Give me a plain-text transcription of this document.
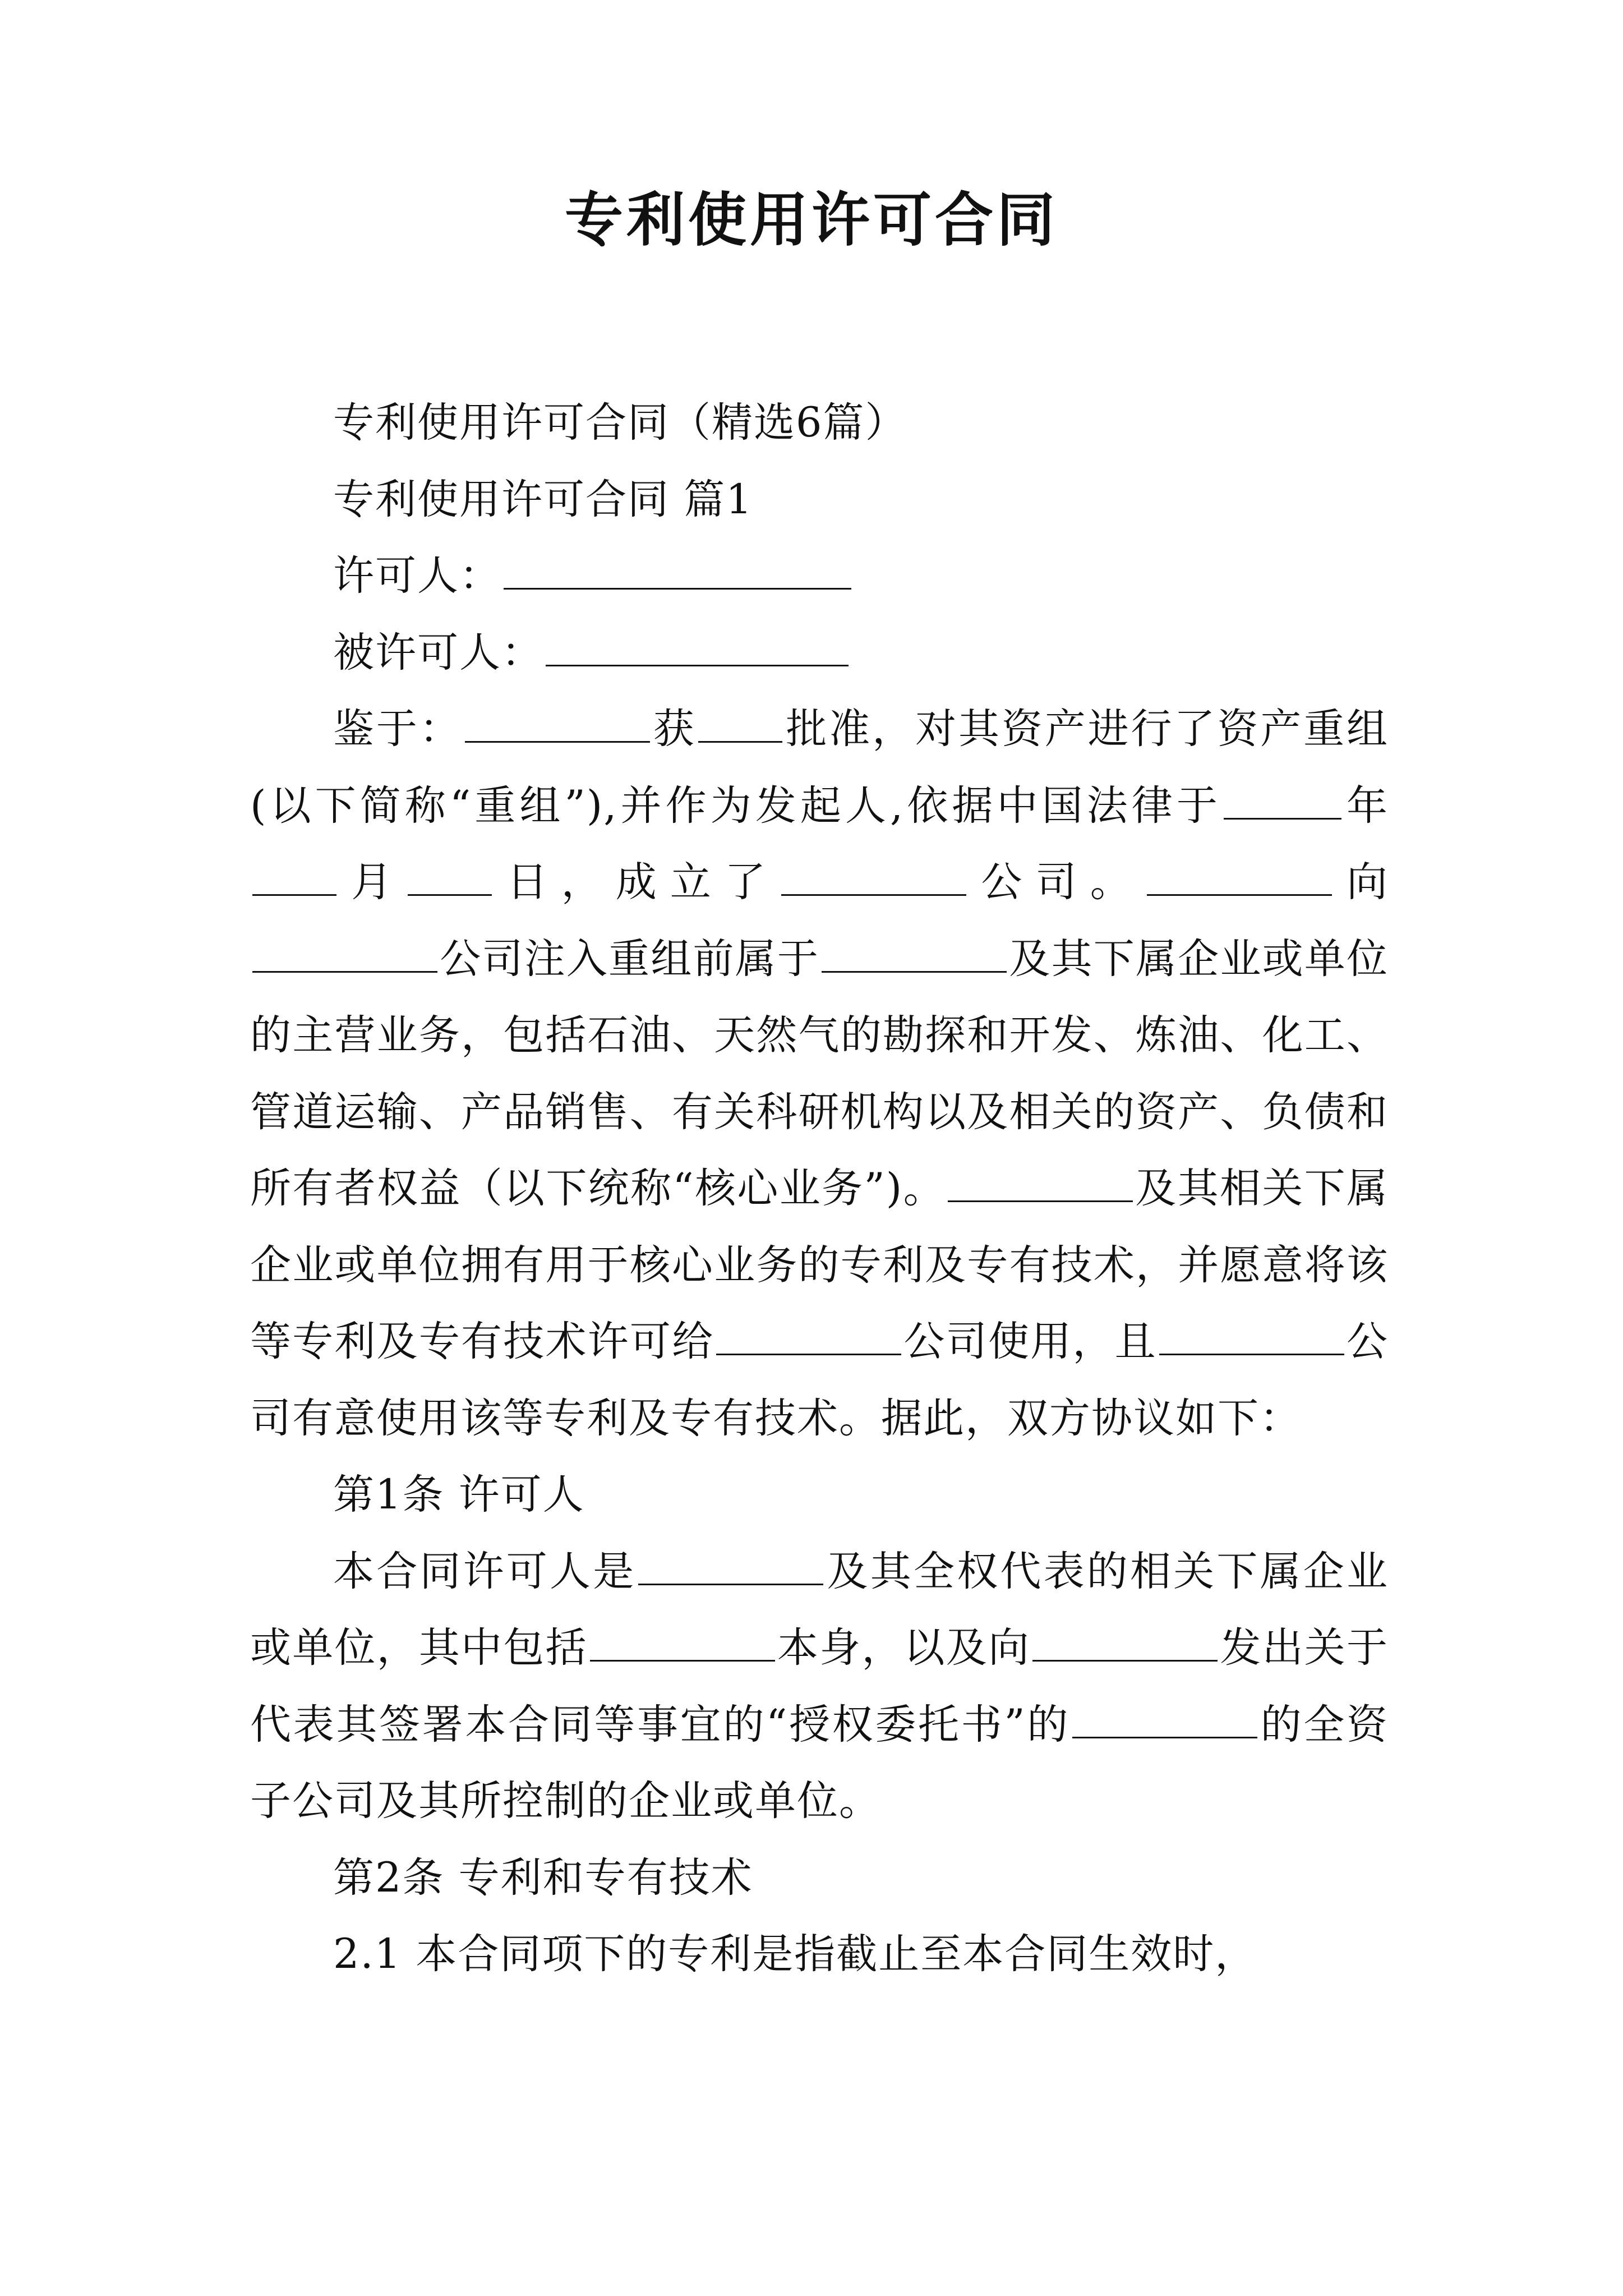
专利使用许可合同

专利使用许可合同（精选6篇）

专利使用许可合同 篇1

许可人：

被许可人：

鉴于：	获 批准，对其资产进行了资产重组(以下简称“重组”),并作为发起人,依据中国法律于	年月 日，成立了	公司。	向公司注入重组前属于	及其下属企业或单位的主营业务，包括石油、天然气的勘探和开发、炼油、化工、管道运输、产品销售、有关科研机构以及相关的资产、负债和所有者权益（以下统称“核心业务”)。	及其相关下属企业或单位拥有用于核心业务的专利及专有技术，并愿意将该等专利及专有技术许可给	公司使用，且	公司有意使用该等专利及专有技术。据此，双方协议如下：

第1条 许可人

本合同许可人是	及其全权代表的相关下属企业或单位，其中包括	本身，以及向	发出关于代表其签署本合同等事宜的“授权委托书”的	的全资子公司及其所控制的企业或单位。

第2条 专利和专有技术

2.1 本合同项下的专利是指截止至本合同生效时，
